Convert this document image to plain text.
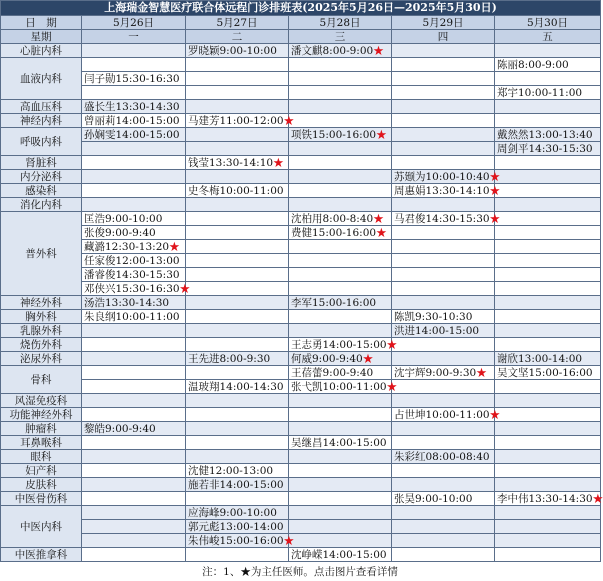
上海瑞金智慧医疗联合体远程门诊排班表(2025年5月26日—2025年5月30日)					
日　期	5月26日	5月27日	5月28日	5月29日	5月30日
星期	一	二	三	四	五
心脏内科		罗晓颖9:00-10:00	潘文麒8:00-9:00★		
血液内科					陈丽8:00-9:00
	闫子勋15:30-16:30				
					郑宇10:00-11:00
高血压科	盛长生13:30-14:30				
神经内科	曾丽莉14:00-15:00	马建芳11:00-12:00★			
呼吸内科	孙娴雯14:00-15:00		项铁15:00-16:00★		戴然然13:00-13:40
					周剑平14:30-15:30
肾脏科		钱莹13:30-14:10★			
内分泌科				苏颋为10:00-10:40★	
感染科		史冬梅10:00-11:00		周惠娟13:30-14:10★	
消化内科					
普外科	匡浩9:00-10:00		沈柏用8:00-8:40★	马君俊14:30-15:30★	
	张俊9:00-9:40		费健15:00-16:00★		
	藏潞12:30-13:20★				
	任家俊12:00-13:00				
	潘睿俊14:30-15:30				
	邓侠兴15:30-16:30★				
神经外科	汤浩13:30-14:30		李军15:00-16:00		
胸外科	朱良纲10:00-11:00			陈凯9:30-10:30	
乳腺外科				洪进14:00-15:00	
烧伤外科			王志勇14:00-15:00★		
泌尿外科		王先进8:00-9:30	何威9:00-9:40★		谢欣13:00-14:00
骨科			王蓓蕾9:00-9:40	沈宇辉9:00-9:30★	吴文坚15:00-16:00
		温玻翔14:00-14:30	张弋凯10:00-11:00★		
风湿免疫科					
功能神经外科				占世坤10:00-11:00★	
肿瘤科	黎皓9:00-9:40				
耳鼻喉科			吴继昌14:00-15:00		
眼科				朱彩红08:00-08:40	
妇产科		沈健12:00-13:00			
皮肤科		施若非14:00-15:00			
中医骨伤科				张昊9:00-10:00	李中伟13:30-14:30★
中医内科		应海峰9:00-10:00			
		郭元彪13:00-14:00			
		朱伟峻15:00-16:00★			
中医推拿科			沈峥嵘14:00-15:00		
注：1、★为主任医师。点击图片查看详情
